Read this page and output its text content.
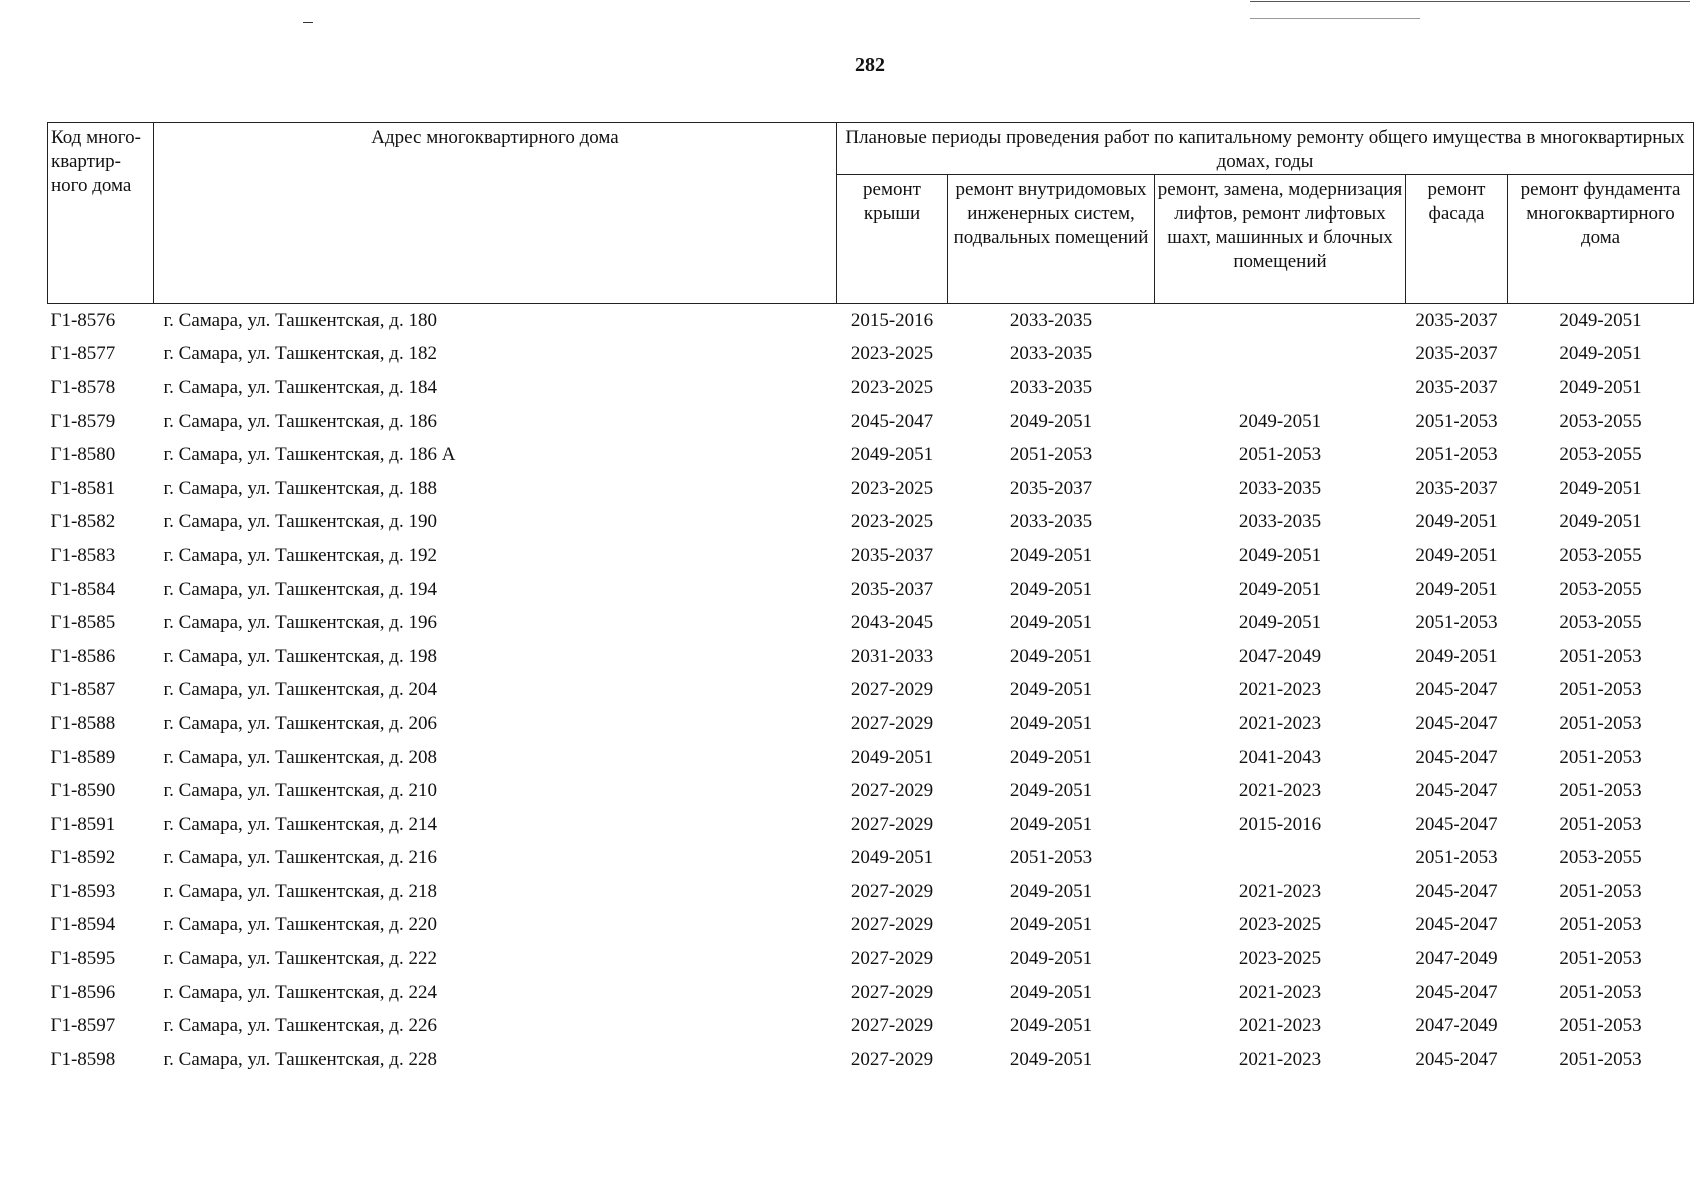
282
Код много-квартир-ного дома	Адрес многоквартирного дома	Плановые периоды проведения работ по капитальному ремонту общего имущества в многоквартирных домах, годы				
		ремонт крыши	ремонт внутридомовых инженерных систем, подвальных помещений	ремонт, замена, модернизация лифтов, ремонт лифтовых шахт, машинных и блочных помещений	ремонт фасада	ремонт фундамента многоквартирного дома
Г1-8576	г. Самара, ул. Ташкентская, д. 180	2015-2016	2033-2035		2035-2037	2049-2051
Г1-8577	г. Самара, ул. Ташкентская, д. 182	2023-2025	2033-2035		2035-2037	2049-2051
Г1-8578	г. Самара, ул. Ташкентская, д. 184	2023-2025	2033-2035		2035-2037	2049-2051
Г1-8579	г. Самара, ул. Ташкентская, д. 186	2045-2047	2049-2051	2049-2051	2051-2053	2053-2055
Г1-8580	г. Самара, ул. Ташкентская, д. 186 А	2049-2051	2051-2053	2051-2053	2051-2053	2053-2055
Г1-8581	г. Самара, ул. Ташкентская, д. 188	2023-2025	2035-2037	2033-2035	2035-2037	2049-2051
Г1-8582	г. Самара, ул. Ташкентская, д. 190	2023-2025	2033-2035	2033-2035	2049-2051	2049-2051
Г1-8583	г. Самара, ул. Ташкентская, д. 192	2035-2037	2049-2051	2049-2051	2049-2051	2053-2055
Г1-8584	г. Самара, ул. Ташкентская, д. 194	2035-2037	2049-2051	2049-2051	2049-2051	2053-2055
Г1-8585	г. Самара, ул. Ташкентская, д. 196	2043-2045	2049-2051	2049-2051	2051-2053	2053-2055
Г1-8586	г. Самара, ул. Ташкентская, д. 198	2031-2033	2049-2051	2047-2049	2049-2051	2051-2053
Г1-8587	г. Самара, ул. Ташкентская, д. 204	2027-2029	2049-2051	2021-2023	2045-2047	2051-2053
Г1-8588	г. Самара, ул. Ташкентская, д. 206	2027-2029	2049-2051	2021-2023	2045-2047	2051-2053
Г1-8589	г. Самара, ул. Ташкентская, д. 208	2049-2051	2049-2051	2041-2043	2045-2047	2051-2053
Г1-8590	г. Самара, ул. Ташкентская, д. 210	2027-2029	2049-2051	2021-2023	2045-2047	2051-2053
Г1-8591	г. Самара, ул. Ташкентская, д. 214	2027-2029	2049-2051	2015-2016	2045-2047	2051-2053
Г1-8592	г. Самара, ул. Ташкентская, д. 216	2049-2051	2051-2053		2051-2053	2053-2055
Г1-8593	г. Самара, ул. Ташкентская, д. 218	2027-2029	2049-2051	2021-2023	2045-2047	2051-2053
Г1-8594	г. Самара, ул. Ташкентская, д. 220	2027-2029	2049-2051	2023-2025	2045-2047	2051-2053
Г1-8595	г. Самара, ул. Ташкентская, д. 222	2027-2029	2049-2051	2023-2025	2047-2049	2051-2053
Г1-8596	г. Самара, ул. Ташкентская, д. 224	2027-2029	2049-2051	2021-2023	2045-2047	2051-2053
Г1-8597	г. Самара, ул. Ташкентская, д. 226	2027-2029	2049-2051	2021-2023	2047-2049	2051-2053
Г1-8598	г. Самара, ул. Ташкентская, д. 228	2027-2029	2049-2051	2021-2023	2045-2047	2051-2053
